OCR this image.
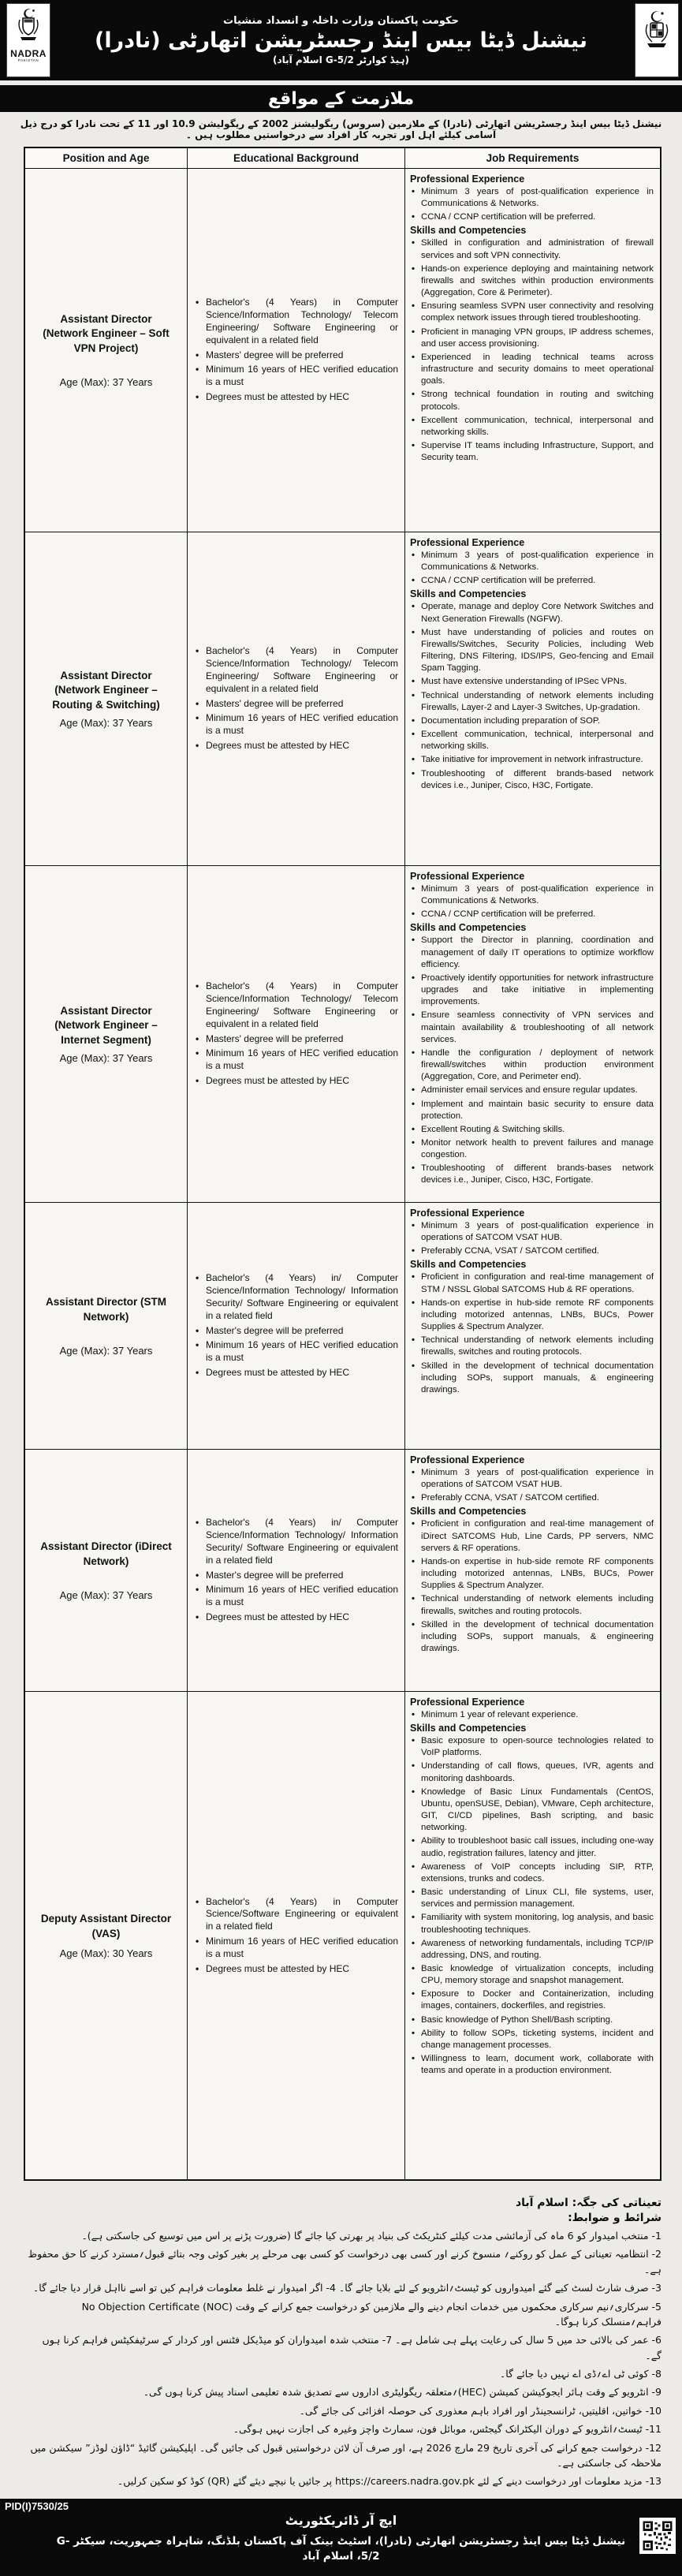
NADRA
PAKISTAN
حکومت پاکستان وزارت داخلہ و انسداد منشیات
نیشنل ڈیٹا بیس اینڈ رجسٹریشن اتھارٹی (نادرا)
(ہیڈ کوارٹر G-5/2 اسلام آباد)
ملازمت کے مواقع
نیشنل ڈیٹا بیس اینڈ رجسٹریشن اتھارٹی (نادرا) کے ملازمین (سروس) ریگولیشنز 2002 کے ریگولیشن 10.9 اور 11 کے تحت نادرا کو درج ذیل آسامی کیلئے اہل اور تجربہ کار افراد سے درخواستیں مطلوب ہیں ۔
Position and Age	Educational Background	Job Requirements
Assistant Director (Network Engineer – Soft VPN Project)
Age (Max): 37 Years
• Bachelor's (4 Years) in Computer Science/Information Technology/ Telecom Engineering/ Software Engineering or equivalent in a related field
• Masters' degree will be preferred
• Minimum 16 years of HEC verified education is a must
• Degrees must be attested by HEC
Professional Experience
• Minimum 3 years of post-qualification experience in Communications & Networks.
• CCNA / CCNP certification will be preferred.
Skills and Competencies
• Skilled in configuration and administration of firewall services and soft VPN connectivity.
• Hands-on experience deploying and maintaining network firewalls and switches within production environments (Aggregation, Core & Perimeter).
• Ensuring seamless SVPN user connectivity and resolving complex network issues through tiered troubleshooting.
• Proficient in managing VPN groups, IP address schemes, and user access provisioning.
• Experienced in leading technical teams across infrastructure and security domains to meet operational goals.
• Strong technical foundation in routing and switching protocols.
• Excellent communication, technical, interpersonal and networking skills.
• Supervise IT teams including Infrastructure, Support, and Security team.
Assistant Director (Network Engineer – Routing & Switching)
Age (Max): 37 Years
• Bachelor's (4 Years) in Computer Science/Information Technology/ Telecom Engineering/ Software Engineering or equivalent in a related field
• Masters' degree will be preferred
• Minimum 16 years of HEC verified education is a must
• Degrees must be attested by HEC
Professional Experience
• Minimum 3 years of post-qualification experience in Communications & Networks.
• CCNA / CCNP certification will be preferred.
Skills and Competencies
• Operate, manage and deploy Core Network Switches and Next Generation Firewalls (NGFW).
• Must have understanding of policies and routes on Firewalls/Switches, Security Policies, including Web Filtering, DNS Filtering, IDS/IPS, Geo-fencing and Email Spam Tagging.
• Must have extensive understanding of IPSec VPNs.
• Technical understanding of network elements including Firewalls, Layer-2 and Layer-3 Switches, Up-gradation.
• Documentation including preparation of SOP.
• Excellent communication, technical, interpersonal and networking skills.
• Take initiative for improvement in network infrastructure.
• Troubleshooting of different brands-based network devices i.e., Juniper, Cisco, H3C, Fortigate.
Assistant Director (Network Engineer – Internet Segment)
Age (Max): 37 Years
• Bachelor's (4 Years) in Computer Science/Information Technology/ Telecom Engineering/ Software Engineering or equivalent in a related field
• Masters' degree will be preferred
• Minimum 16 years of HEC verified education is a must
• Degrees must be attested by HEC
Professional Experience
• Minimum 3 years of post-qualification experience in Communications & Networks.
• CCNA / CCNP certification will be preferred.
Skills and Competencies
• Support the Director in planning, coordination and management of daily IT operations to optimize workflow efficiency.
• Proactively identify opportunities for network infrastructure upgrades and take initiative in implementing improvements.
• Ensure seamless connectivity of VPN services and maintain availability & troubleshooting of all network services.
• Handle the configuration / deployment of network firewall/switches within production environment (Aggregation, Core, and Perimeter end).
• Administer email services and ensure regular updates.
• Implement and maintain basic security to ensure data protection.
• Excellent Routing & Switching skills.
• Monitor network health to prevent failures and manage congestion.
• Troubleshooting of different brands-bases network devices i.e., Juniper, Cisco, H3C, Fortigate.
Assistant Director (STM Network)
Age (Max): 37 Years
• Bachelor's (4 Years) in/ Computer Science/Information Technology/ Information Security/ Software Engineering or equivalent in a related field
• Master's degree will be preferred
• Minimum 16 years of HEC verified education is a must
• Degrees must be attested by HEC
Professional Experience
• Minimum 3 years of post-qualification experience in operations of SATCOM VSAT HUB.
• Preferably CCNA, VSAT / SATCOM certified.
Skills and Competencies
• Proficient in configuration and real-time management of STM / NSSL Global SATCOMS Hub & RF operations.
• Hands-on expertise in hub-side remote RF components including motorized antennas, LNBs, BUCs, Power Supplies & Spectrum Analyzer.
• Technical understanding of network elements including firewalls, switches and routing protocols.
• Skilled in the development of technical documentation including SOPs, support manuals, & engineering drawings.
Assistant Director (iDirect Network)
Age (Max): 37 Years
• Bachelor's (4 Years) in/ Computer Science/Information Technology/ Information Security/ Software Engineering or equivalent in a related field
• Master's degree will be preferred
• Minimum 16 years of HEC verified education is a must
• Degrees must be attested by HEC
Professional Experience
• Minimum 3 years of post-qualification experience in operations of SATCOM VSAT HUB.
• Preferably CCNA, VSAT / SATCOM certified.
Skills and Competencies
• Proficient in configuration and real-time management of iDirect SATCOMS Hub, Line Cards, PP servers, NMC servers & RF operations.
• Hands-on expertise in hub-side remote RF components including motorized antennas, LNBs, BUCs, Power Supplies & Spectrum Analyzer.
• Technical understanding of network elements including firewalls, switches and routing protocols.
• Skilled in the development of technical documentation including SOPs, support manuals, & engineering drawings.
Deputy Assistant Director (VAS)
Age (Max): 30 Years
• Bachelor's (4 Years) in Computer Science/Software Engineering or equivalent in a related field
• Minimum 16 years of HEC verified education is a must
• Degrees must be attested by HEC
Professional Experience
• Minimum 1 year of relevant experience.
Skills and Competencies
• Basic exposure to open-source technologies related to VoIP platforms.
• Understanding of call flows, queues, IVR, agents and monitoring dashboards.
• Knowledge of Basic Linux Fundamentals (CentOS, Ubuntu, openSUSE, Debian), VMware, Ceph architecture, GIT, CI/CD pipelines, Bash scripting, and basic networking.
• Ability to troubleshoot basic call issues, including one-way audio, registration failures, latency and jitter.
• Awareness of VoIP concepts including SIP, RTP, extensions, trunks and codecs.
• Basic understanding of Linux CLI, file systems, user, services and permission management.
• Familiarity with system monitoring, log analysis, and basic troubleshooting techniques.
• Awareness of networking fundamentals, including TCP/IP addressing, DNS, and routing.
• Basic knowledge of virtualization concepts, including CPU, memory storage and snapshot management.
• Exposure to Docker and Containerization, including images, containers, dockerfiles, and registries.
• Basic knowledge of Python Shell/Bash scripting.
• Ability to follow SOPs, ticketing systems, incident and change management processes.
• Willingness to learn, document work, collaborate with teams and operate in a production environment.
تعیناتی کی جگہ: اسلام آباد
شرائط و ضوابط:
1- منتخب امیدوار کو 6 ماہ کی آزمائشی مدت کیلئے کنٹریکٹ کی بنیاد پر بھرتی کیا جائے گا (ضرورت پڑنے پر اس میں توسیع کی جاسکتی ہے)۔
2- انتظامیہ تعیناتی کے عمل کو روکنے؍ منسوخ کرنے اور کسی بھی درخواست کو کسی بھی مرحلے پر بغیر کوئی وجہ بتائے قبول؍مسترد کرنے کا حق محفوظ ہے۔
3- صرف شارٹ لسٹ کیے گئے امیدواروں کو ٹیسٹ؍انٹرویو کے لئے بلایا جائے گا۔ 4- اگر امیدوار نے غلط معلومات فراہم کیں تو اسے نااہل قرار دیا جائے گا۔
5- سرکاری؍نیم سرکاری محکموں میں خدمات انجام دینے والے ملازمین کو درخواست جمع کرانے کے وقت No Objection Certificate (NOC) فراہم؍منسلک کرنا ہوگا۔
6- عمر کی بالائی حد میں 5 سال کی رعایت پہلے ہی شامل ہے۔ 7- منتخب شدہ امیدواران کو میڈیکل فٹنس اور کردار کے سرٹیفکیٹس فراہم کرنا ہوں گے۔
8- کوئی ٹی اے؍ڈی اے نہیں دیا جائے گا۔
9- انٹرویو کے وقت ہائر ایجوکیشن کمیشن (HEC)؍متعلقہ ریگولیٹری اداروں سے تصدیق شدہ تعلیمی اسناد پیش کرنا ہوں گی۔
10- خواتین، اقلیتیں، ٹرانسجینڈر اور افراد باہم معذوری کی حوصلہ افزائی کی جائے گی۔
11- ٹیسٹ؍انٹرویو کے دوران الیکٹرانک گیجٹس، موبائل فون، سمارٹ واچز وغیرہ کی اجازت نہیں ہوگی۔
12- درخواست جمع کرانے کی آخری تاریخ 29 مارچ 2026 ہے، اور صرف آن لائن درخواستیں قبول کی جائیں گی۔ اپلیکیشن گائیڈ “ڈاؤن لوڈز” سیکشن میں ملاحظہ کی جاسکتی ہے۔
13- مزید معلومات اور درخواست دینے کے لئے https://careers.nadra.gov.pk پر جائیں یا نیچے دیئے گئے (QR) کوڈ کو سکین کرلیں۔
PID(I)7530/25
ایچ آر ڈائریکٹوریٹ
نیشنل ڈیٹا بیس اینڈ رجسٹریشن اتھارٹی (نادرا)، اسٹیٹ بینک آف پاکستان بلڈنگ، شاہراہ جمہوریت، سیکٹر G-5/2، اسلام آباد
